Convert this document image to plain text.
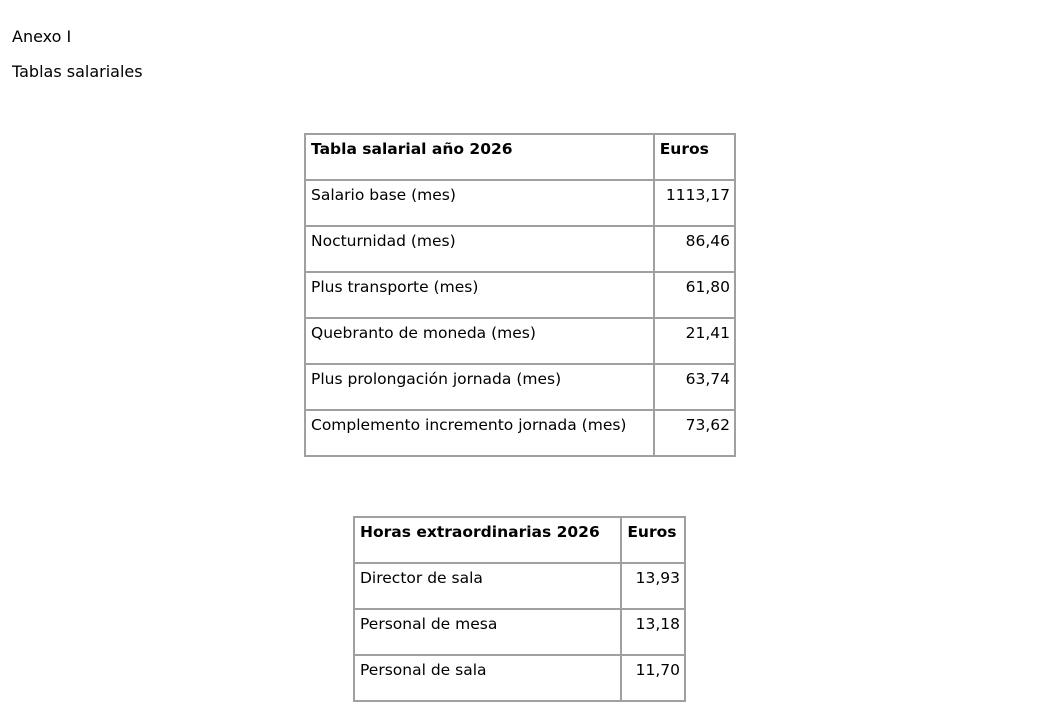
Anexo I

Tablas salariales

Tabla salarial año 2026	Euros
Salario base (mes)	1113,17
Nocturnidad (mes)	86,46
Plus transporte (mes)	61,80
Quebranto de moneda (mes)	21,41
Plus prolongación jornada (mes)	63,74
Complemento incremento jornada (mes)	73,62
Horas extraordinarias 2026	Euros
Director de sala	13,93
Personal de mesa	13,18
Personal de sala	11,70
